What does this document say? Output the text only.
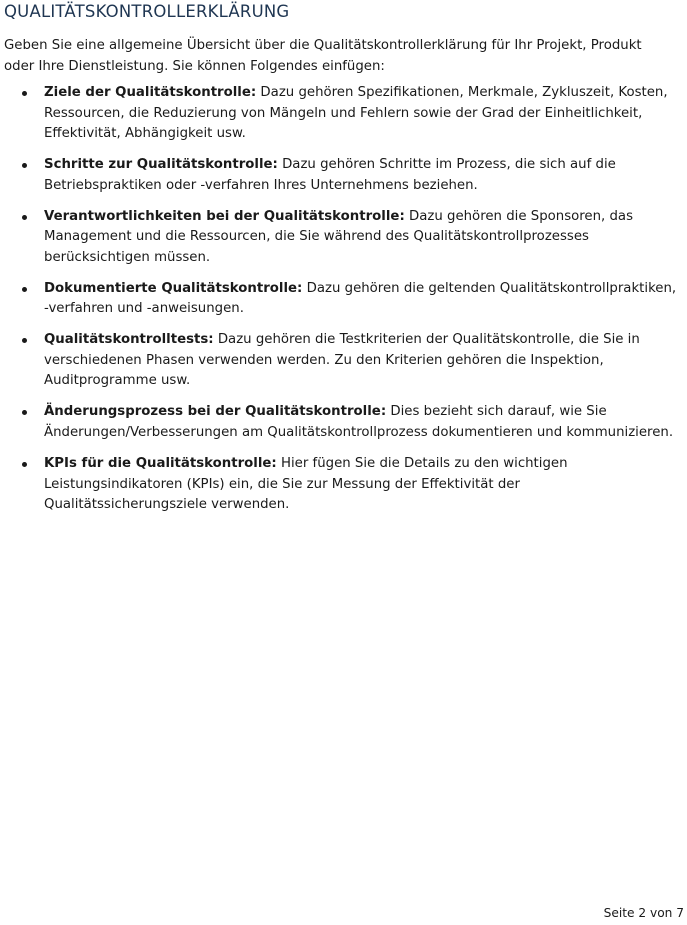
QUALITÄTSKONTROLLERKLÄRUNG

Geben Sie eine allgemeine Übersicht über die Qualitätskontrollerklärung für Ihr Projekt, Produkt oder Ihre Dienstleistung. Sie können Folgendes einfügen:

Ziele der Qualitätskontrolle: Dazu gehören Spezifikationen, Merkmale, Zykluszeit, Kosten, Ressourcen, die Reduzierung von Mängeln und Fehlern sowie der Grad der Einheitlichkeit, Effektivität, Abhängigkeit usw.
Schritte zur Qualitätskontrolle: Dazu gehören Schritte im Prozess, die sich auf die Betriebspraktiken oder -verfahren Ihres Unternehmens beziehen.
Verantwortlichkeiten bei der Qualitätskontrolle: Dazu gehören die Sponsoren, das Management und die Ressourcen, die Sie während des Qualitätskontrollprozesses berücksichtigen müssen.
Dokumentierte Qualitätskontrolle: Dazu gehören die geltenden Qualitätskontrollpraktiken, -verfahren und -anweisungen.
Qualitätskontrolltests: Dazu gehören die Testkriterien der Qualitätskontrolle, die Sie in verschiedenen Phasen verwenden werden. Zu den Kriterien gehören die Inspektion, Auditprogramme usw.
Änderungsprozess bei der Qualitätskontrolle: Dies bezieht sich darauf, wie Sie Änderungen/Verbesserungen am Qualitätskontrollprozess dokumentieren und kommunizieren.
KPIs für die Qualitätskontrolle: Hier fügen Sie die Details zu den wichtigen Leistungsindikatoren (KPIs) ein, die Sie zur Messung der Effektivität der Qualitätssicherungsziele verwenden.
Seite 2 von 7
